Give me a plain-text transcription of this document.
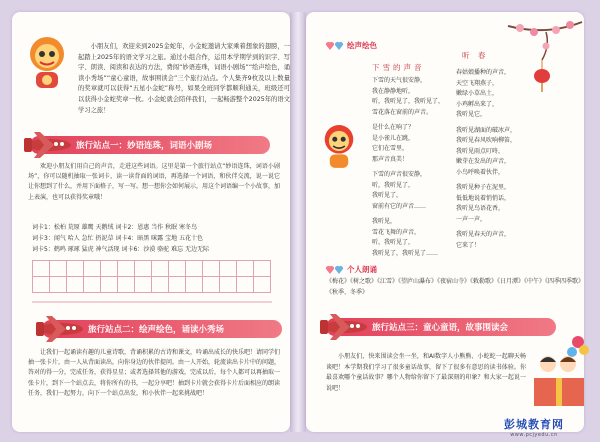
小朋友们，欢迎来到2025金蛇年，小金蛇邀请大家乘着想象的翅膀，一起踏上2025年的语文学习之旅。通过小组合作，运用本学期学到的识字、写字、朗读、阅读和表达的方法，费闯“妙语连珠，词语小剧场”“绘声绘色，诵读小秀场”“童心童语，故事围读会”三个旅行站点。个人集齐9枚及以上数量的奖章就可以获得“五星小金蛇”称号，如果全班同学都顺利通关，班级还可以获得小金蛇奖章一枚。小金蛇就会陪伴我们，一起畅游整个2025年的语文学习之旅！

旅行站点一：妙语连珠，词语小剧场

欢迎小朋友们用自己的声音，走进这些词语。这里是第一个旅行站点“妙语连珠，词语小剧场”，你可以随机抽取一张词卡，读一读背面的词语，再选择一个词语，和伙伴交流，说一说它让你想到了什么，并用下面格子，写一写。想一想你会如何展示，用这个词语编一个小故事，加上表演，也可以获得奖章哦！

词卡1：松柏 荒原 雄鹰 天鹅绒 词卡2：恩惠 当作 秋眠 寒冬鸟
词卡3：闻气 哈人 急忙 扔泥草 词卡4：暗黑 咪露 宝地 五花十色
词卡5：鹤鸣 琢琢 猛虎 神气活现 词卡6：沙漠 骆驼 难忘 无边无际
旅行站点二：绘声绘色，诵读小秀场

让我们一起诵读有趣的儿童诗歌，背诵积累的古诗和课文，吟诵出成长的快乐吧！请同学们抽一张卡片，由一人从背面读出，向你身边的伙伴提问。由一人开始，轮流读出卡片中的问题，答对的得一分，完成任务，获得星星；或者选择其他的游戏，完成以后，每个人都可以再抽取一张卡片，到下一个站点去，将你所有的书，一起分享吧！抽到卡片就会获得卡片后面相应的朗读任务，我们一起努力，向下一个站点出发，和小伙伴一起来挑战吧！

绘声绘色
下雪的声音
下雪的天气很安静，
我在静静地听，
听，我听见了，我听见了，
雪花落在窗前的声音。
是什么在响了？
是小雀儿在跳，
它们在雪里，
那声音真美！
下雪的声音很安静，
听，我听见了，
我听见了，
窗前有它的声音……
我听见，
雪花飞舞的声音，
听，我听见了，
我听见了，我听见了……
听 春
春姑娘播种的声音，
天空飞翔燕子，
嫩绿小草出土，
小鸡孵出来了，
我听见它，
我听见湖面的破冰声，
我听见春风吹响柳笛，
我听见雨点叮咚，
嫩芽在发出的声音，
小鸟呼唤着伙伴，
我听见种子在泥里，
低低地说着悄悄话，
我听见鸟语花香，
一声一声，
我听见春天的声音，
它来了！
个人朗诵

《梅花》《树之歌》《江雪》《望庐山瀑布》《夜宿山寺》《敕勒歌》《日月潭》《中午》《四季四季歌》《秋季、冬季》

旅行站点三：童心童语，故事围读会

小朋友们，快来围读会坐一坐，和AI数字人小熊熊、小蛇蛇一起聊天畅谈吧！本学期我们学习了很多童话故事，留下了很多有意思的读书体验。你最喜欢哪个童话故事？哪个人物给你留下了最深刻的印象？和大家一起说一说吧！

彭城教育网
www.pcjyedu.cn
